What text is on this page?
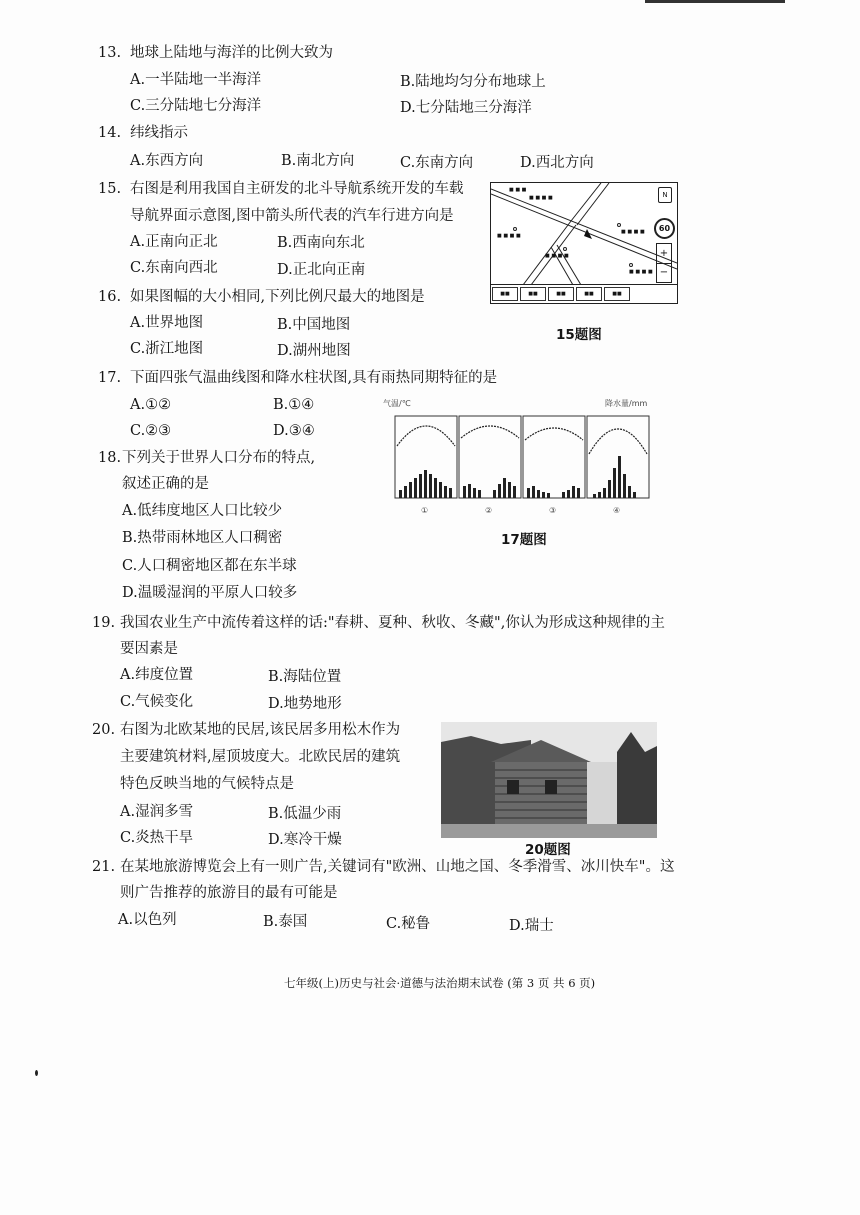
13. 地球上陆地与海洋的比例大致为
A.一半陆地一半海洋	B.陆地均匀分布地球上
C.三分陆地七分海洋	D.七分陆地三分海洋
14. 纬线指示
A.东西方向	B.南北方向	C.东南方向	D.西北方向
15. 右图是利用我国自主研发的北斗导航系统开发的车载
导航界面示意图,图中箭头所代表的汽车行进方向是
A.正南向正北	B.西南向东北
C.东南向西北	D.正北向正南
■ ■ ■
■ ■ ■ ■
■ ■ ■ ■
■ ■ ■ ■
■ ■ ■ ■
■ ■ ■ ■
N
60
+
−
■■	■■	■■	■■	■■
15题图
16. 如果图幅的大小相同,下列比例尺最大的地图是
A.世界地图	B.中国地图
C.浙江地图	D.湖州地图
17. 下面四张气温曲线图和降水柱状图,具有雨热同期特征的是
A.①②	B.①④
C.②③	D.③④
气温/℃	降水量/mm
①	②	③	④
17题图
18. 下列关于世界人口分布的特点,
叙述正确的是
A.低纬度地区人口比较少
B.热带雨林地区人口稠密
C.人口稠密地区都在东半球
D.温暖湿润的平原人口较多
19. 我国农业生产中流传着这样的话:"春耕、夏种、秋收、冬藏",你认为形成这种规律的主
要因素是
A.纬度位置	B.海陆位置
C.气候变化	D.地势地形
20. 右图为北欧某地的民居,该民居多用松木作为
主要建筑材料,屋顶坡度大。北欧民居的建筑
特色反映当地的气候特点是
A.湿润多雪	B.低温少雨
C.炎热干旱	D.寒冷干燥
20题图
21. 在某地旅游博览会上有一则广告,关键词有"欧洲、山地之国、冬季滑雪、冰川快车"。这
则广告推荐的旅游目的最有可能是
A.以色列	B.泰国	C.秘鲁	D.瑞士
七年级(上)历史与社会·道德与法治期末试卷 (第 3 页 共 6 页)
